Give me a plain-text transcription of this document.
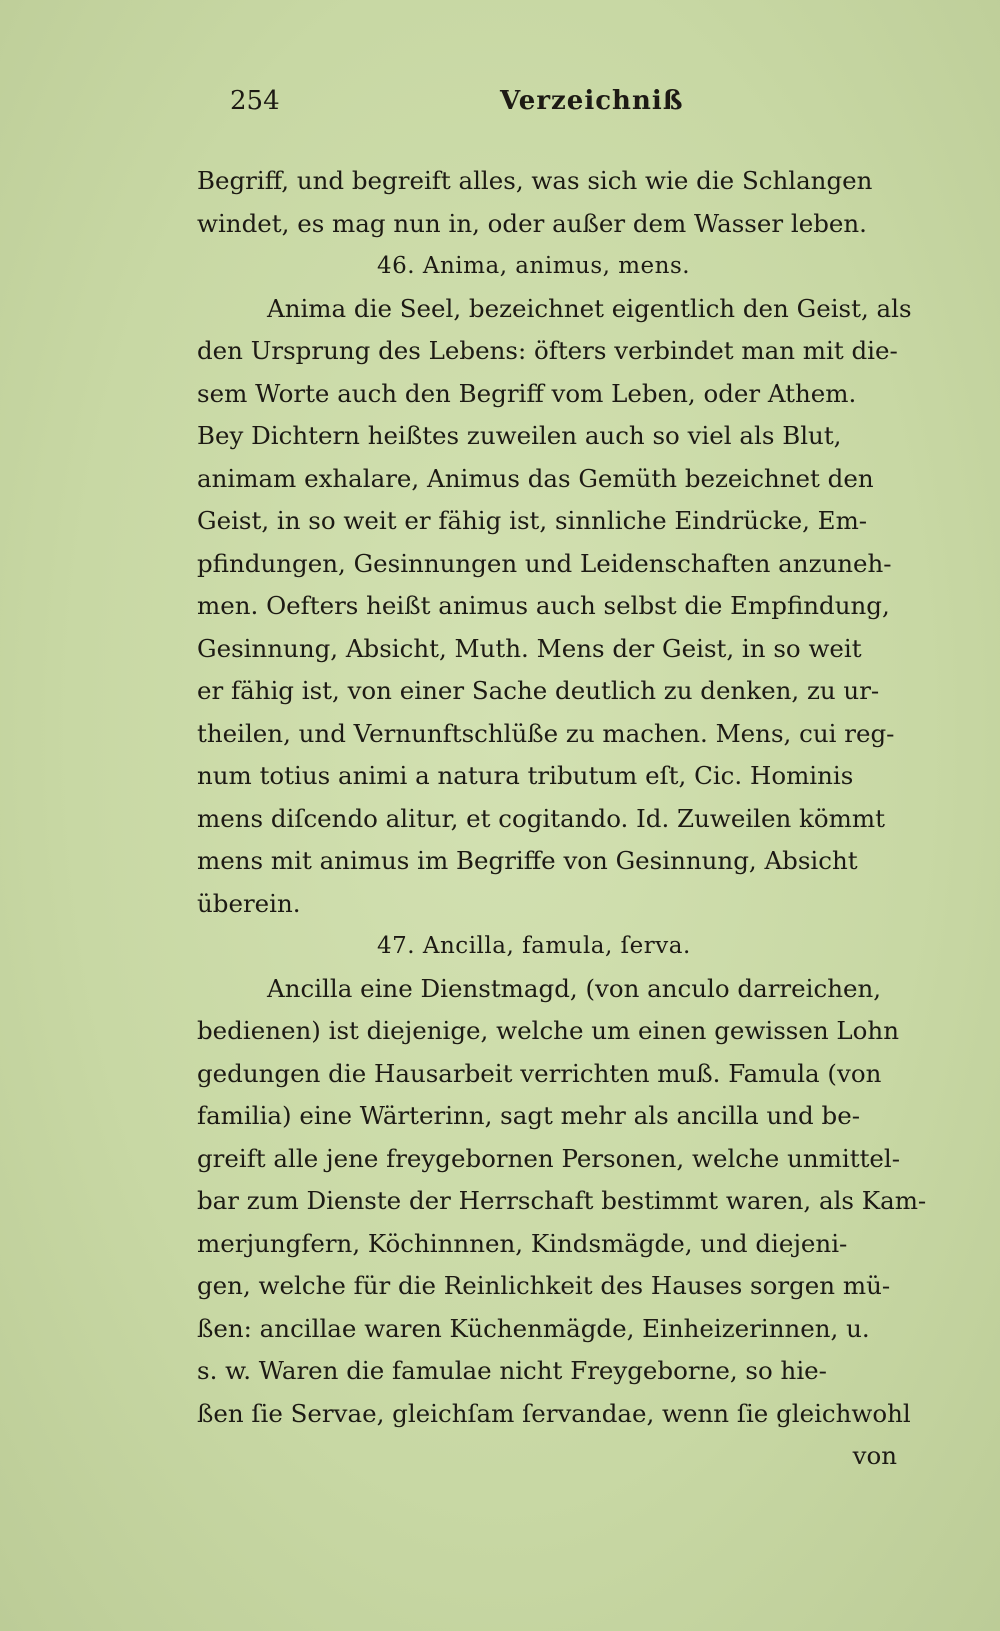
254	Verzeichniß
Begriff, und begreift alles, was sich wie die Schlangen
windet, es mag nun in, oder außer dem Wasser leben.
46. Anima, animus, mens.
Anima die Seel, bezeichnet eigentlich den Geist, als
den Ursprung des Lebens: öfters verbindet man mit die-
sem Worte auch den Begriff vom Leben, oder Athem.
Bey Dichtern heißtes zuweilen auch so viel als Blut,
animam exhalare, Animus das Gemüth bezeichnet den
Geist, in so weit er fähig ist, sinnliche Eindrücke, Em-
pfindungen, Gesinnungen und Leidenschaften anzuneh-
men. Oefters heißt animus auch selbst die Empfindung,
Gesinnung, Absicht, Muth. Mens der Geist, in so weit
er fähig ist, von einer Sache deutlich zu denken, zu ur-
theilen, und Vernunftschlüße zu machen. Mens, cui reg-
num totius animi a natura tributum eſt, Cic. Hominis
mens diſcendo alitur, et cogitando. Id. Zuweilen kömmt
mens mit animus im Begriffe von Gesinnung, Absicht
überein.
47. Ancilla, famula, ſerva.
Ancilla eine Dienstmagd, (von anculo darreichen,
bedienen) ist diejenige, welche um einen gewissen Lohn
gedungen die Hausarbeit verrichten muß. Famula (von
familia) eine Wärterinn, sagt mehr als ancilla und be-
greift alle jene freygebornen Personen, welche unmittel-
bar zum Dienste der Herrschaft bestimmt waren, als Kam-
merjungfern, Köchinnnen, Kindsmägde, und diejeni-
gen, welche für die Reinlichkeit des Hauses sorgen mü-
ßen: ancillae waren Küchenmägde, Einheizerinnen, u.
s. w. Waren die famulae nicht Freygeborne, so hie-
ßen ſie Servae, gleichſam ſervandae, wenn ſie gleichwohl
von
